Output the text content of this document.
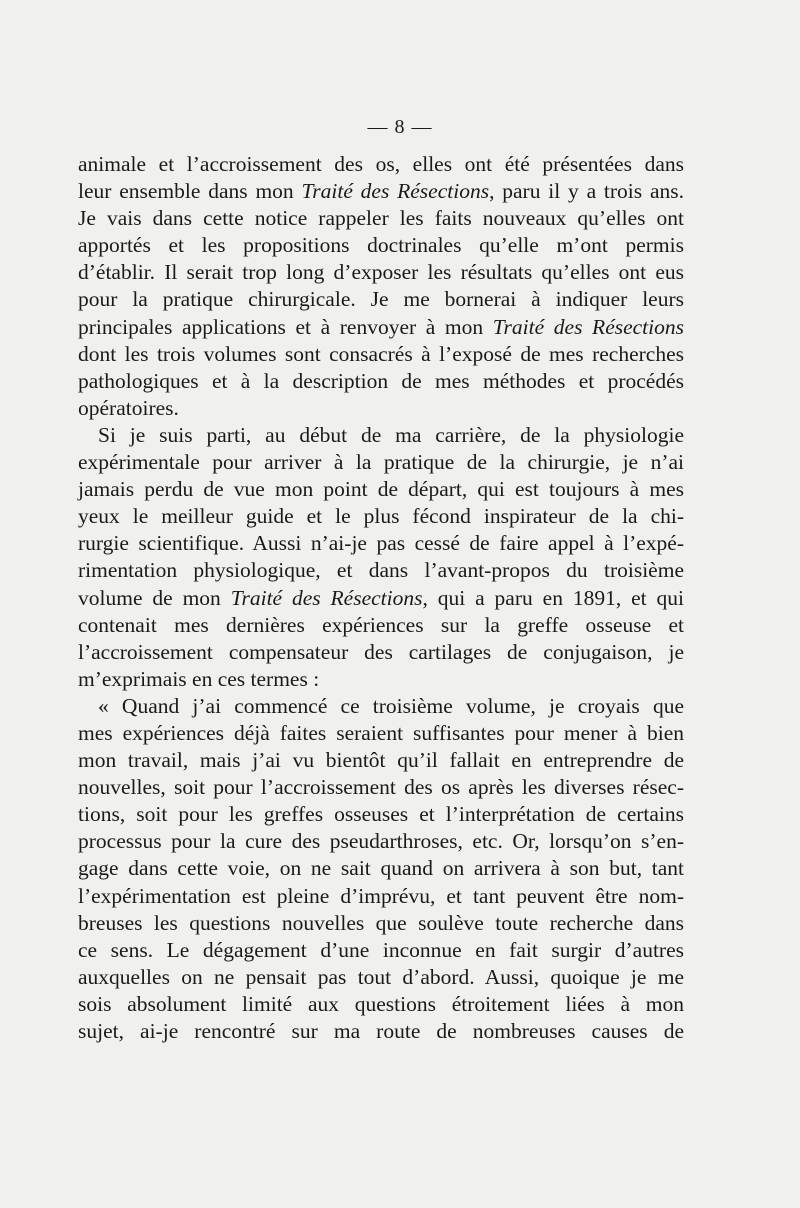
— 8 —
animale et l’accroissement des os, elles ont été présentées dans
leur ensemble dans mon Traité des Résections, paru il y a trois ans.
Je vais dans cette notice rappeler les faits nouveaux qu’elles ont
apportés et les propositions doctrinales qu’elle m’ont permis
d’établir. Il serait trop long d’exposer les résultats qu’elles ont eus
pour la pratique chirurgicale. Je me bornerai à indiquer leurs
principales applications et à renvoyer à mon Traité des Résections
dont les trois volumes sont consacrés à l’exposé de mes recherches
pathologiques et à la description de mes méthodes et procédés
opératoires.
Si je suis parti, au début de ma carrière, de la physiologie
expérimentale pour arriver à la pratique de la chirurgie, je n’ai
jamais perdu de vue mon point de départ, qui est toujours à mes
yeux le meilleur guide et le plus fécond inspirateur de la chi-
rurgie scientifique. Aussi n’ai-je pas cessé de faire appel à l’expé-
rimentation physiologique, et dans l’avant-propos du troisième
volume de mon Traité des Résections, qui a paru en 1891, et qui
contenait mes dernières expériences sur la greffe osseuse et
l’accroissement compensateur des cartilages de conjugaison, je
m’exprimais en ces termes :
« Quand j’ai commencé ce troisième volume, je croyais que
mes expériences déjà faites seraient suffisantes pour mener à bien
mon travail, mais j’ai vu bientôt qu’il fallait en entreprendre de
nouvelles, soit pour l’accroissement des os après les diverses résec-
tions, soit pour les greffes osseuses et l’interprétation de certains
processus pour la cure des pseudarthroses, etc. Or, lorsqu’on s’en-
gage dans cette voie, on ne sait quand on arrivera à son but, tant
l’expérimentation est pleine d’imprévu, et tant peuvent être nom-
breuses les questions nouvelles que soulève toute recherche dans
ce sens. Le dégagement d’une inconnue en fait surgir d’autres
auxquelles on ne pensait pas tout d’abord. Aussi, quoique je me
sois absolument limité aux questions étroitement liées à mon
sujet, ai-je rencontré sur ma route de nombreuses causes de
